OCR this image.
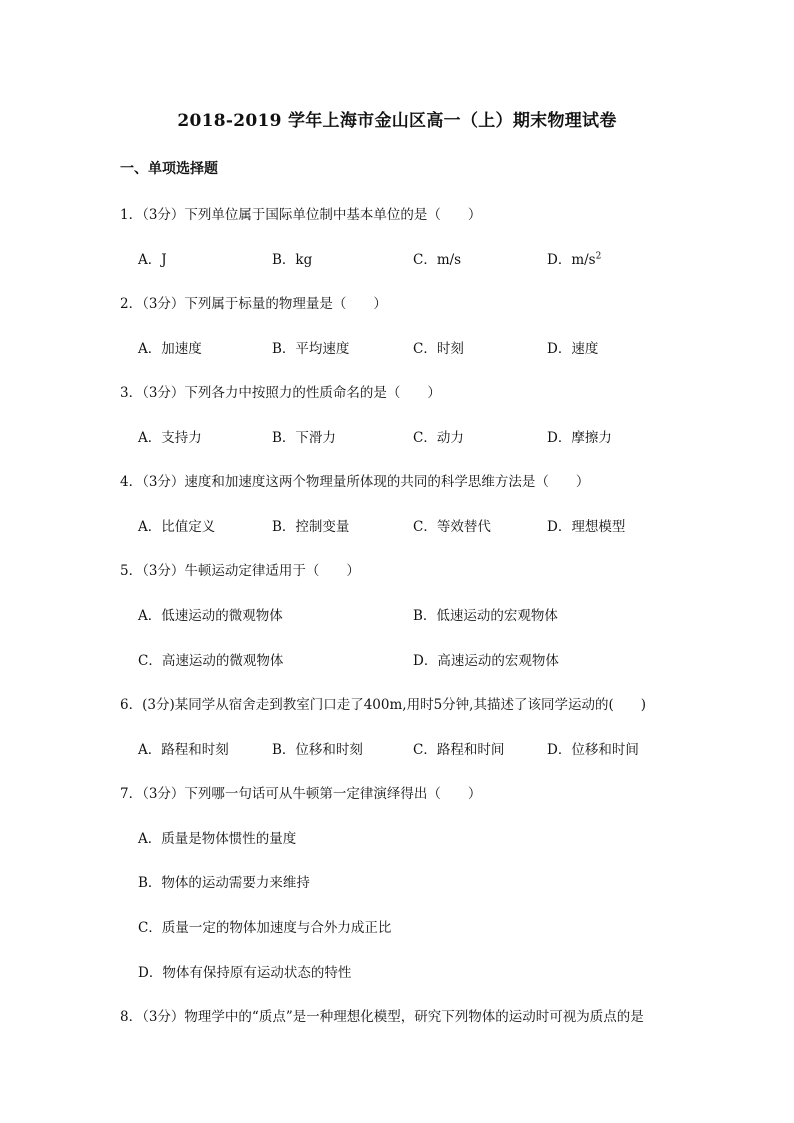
2018-2019 学年上海市金山区高一（上）期末物理试卷
一、单项选择题
1．（3分）下列单位属于国际单位制中基本单位的是（　　）
A．J	B．kg	C．m/s	D．$m/s^2$
2．（3分）下列属于标量的物理量是（　　）
A．加速度	B．平均速度	C．时刻	D．速度
3．（3分）下列各力中按照力的性质命名的是（　　）
A．支持力	B．下滑力	C．动力	D．摩擦力
4．（3分）速度和加速度这两个物理量所体现的共同的科学思维方法是（　　）
A．比值定义	B．控制变量	C．等效替代	D．理想模型
5．（3分）牛顿运动定律适用于（　　）
A．低速运动的微观物体	B．低速运动的宏观物体
C．高速运动的微观物体	D．高速运动的宏观物体
6．(3分)某同学从宿舍走到教室门口走了400m,用时5分钟,其描述了该同学运动的(　　)
A．路程和时刻	B．位移和时刻	C．路程和时间	D．位移和时间
7．（3分）下列哪一句话可从牛顿第一定律演绎得出（　　）
A．质量是物体惯性的量度
B．物体的运动需要力来维持
C．质量一定的物体加速度与合外力成正比
D．物体有保持原有运动状态的特性
8．（3分）物理学中的“质点”是一种理想化模型，研究下列物体的运动时可视为质点的是
